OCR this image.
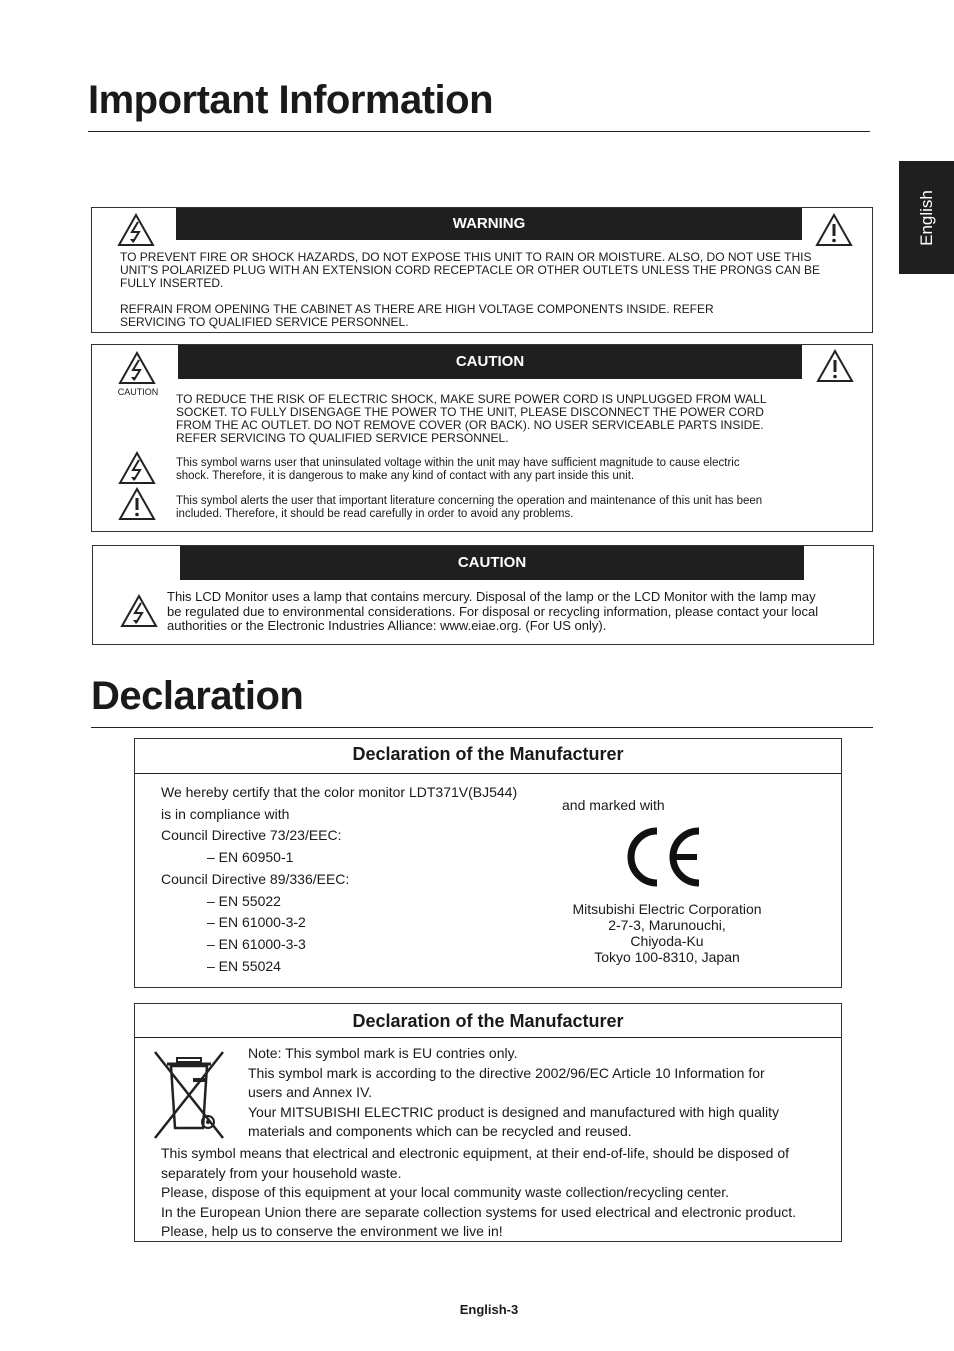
English
Important Information
WARNING
TO PREVENT FIRE OR SHOCK HAZARDS, DO NOT EXPOSE THIS UNIT TO RAIN OR MOISTURE. ALSO, DO NOT USE THIS UNIT'S POLARIZED PLUG WITH AN EXTENSION CORD RECEPTACLE OR OTHER OUTLETS UNLESS THE PRONGS CAN BE FULLY INSERTED.
REFRAIN FROM OPENING THE CABINET AS THERE ARE HIGH VOLTAGE COMPONENTS INSIDE. REFER SERVICING TO QUALIFIED SERVICE PERSONNEL.
CAUTION
CAUTION
TO REDUCE THE RISK OF ELECTRIC SHOCK, MAKE SURE POWER CORD IS UNPLUGGED FROM WALL SOCKET. TO FULLY DISENGAGE THE POWER TO THE UNIT, PLEASE DISCONNECT THE POWER CORD FROM THE AC OUTLET. DO NOT REMOVE COVER (OR BACK). NO USER SERVICEABLE PARTS INSIDE. REFER SERVICING TO QUALIFIED SERVICE PERSONNEL.
This symbol warns user that uninsulated voltage within the unit may have sufficient magnitude to cause electric shock. Therefore, it is dangerous to make any kind of contact with any part inside this unit.
This symbol alerts the user that important literature concerning the operation and maintenance of this unit has been included. Therefore, it should be read carefully in order to avoid any problems.
CAUTION
This LCD Monitor uses a lamp that contains mercury. Disposal of the lamp or the LCD Monitor with the lamp may be regulated due to environmental considerations. For disposal or recycling information, please contact your local authorities or the Electronic Industries Alliance: www.eiae.org. (For US only).
Declaration
Declaration of the Manufacturer
We hereby certify that the color monitor LDT371V(BJ544)
is in compliance with
Council Directive 73/23/EEC:
– EN 60950-1
Council Directive 89/336/EEC:
– EN 55022
– EN 61000-3-2
– EN 61000-3-3
– EN 55024
and marked with
Mitsubishi Electric Corporation
2-7-3, Marunouchi,
Chiyoda-Ku
Tokyo 100-8310, Japan
Declaration of the Manufacturer
Note: This symbol mark is EU contries only.
This symbol mark is according to the directive 2002/96/EC Article 10 Information for
users and Annex IV.
Your MITSUBISHI ELECTRIC product is designed and manufactured with high quality
materials and components which can be recycled and reused.
This symbol means that electrical and electronic equipment, at their end-of-life, should be disposed of
separately from your household waste.
Please, dispose of this equipment at your local community waste collection/recycling center.
In the European Union there are separate collection systems for used electrical and electronic product.
Please, help us to conserve the environment we live in!
English-3
